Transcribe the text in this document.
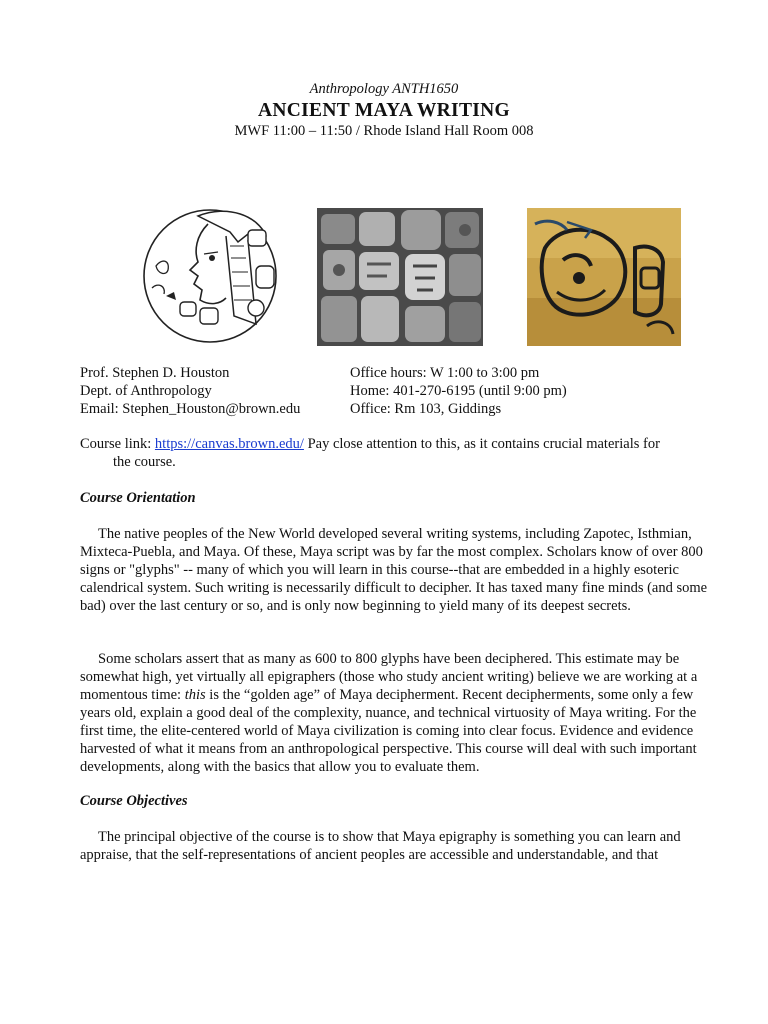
Anthropology ANTH1650
ANCIENT MAYA WRITING
MWF 11:00 – 11:50 / Rhode Island Hall Room 008
Prof. Stephen D. Houston
Dept. of Anthropology
Email: Stephen_Houston@brown.edu
Office hours: W 1:00 to 3:00 pm
Home: 401-270-6195 (until 9:00 pm)
Office: Rm 103, Giddings
Course link: https://canvas.brown.edu/ Pay close attention to this, as it contains crucial materials for
the course.
Course Orientation
The native peoples of the New World developed several writing systems, including Zapotec, Isthmian, Mixteca-Puebla, and Maya. Of these, Maya script was by far the most complex. Scholars know of over 800 signs or "glyphs" -- many of which you will learn in this course--that are embedded in a highly esoteric calendrical system. Such writing is necessarily difficult to decipher. It has taxed many fine minds (and some bad) over the last century or so, and is only now beginning to yield many of its deepest secrets.
Some scholars assert that as many as 600 to 800 glyphs have been deciphered. This estimate may be somewhat high, yet virtually all epigraphers (those who study ancient writing) believe we are working at a momentous time: this is the “golden age” of Maya decipherment. Recent decipherments, some only a few years old, explain a good deal of the complexity, nuance, and technical virtuosity of Maya writing. For the first time, the elite-centered world of Maya civilization is coming into clear focus. Evidence and evidence harvested of what it means from an anthropological perspective. This course will deal with such important developments, along with the basics that allow you to evaluate them.
Course Objectives
The principal objective of the course is to show that Maya epigraphy is something you can learn and appraise, that the self-representations of ancient peoples are accessible and understandable, and that
